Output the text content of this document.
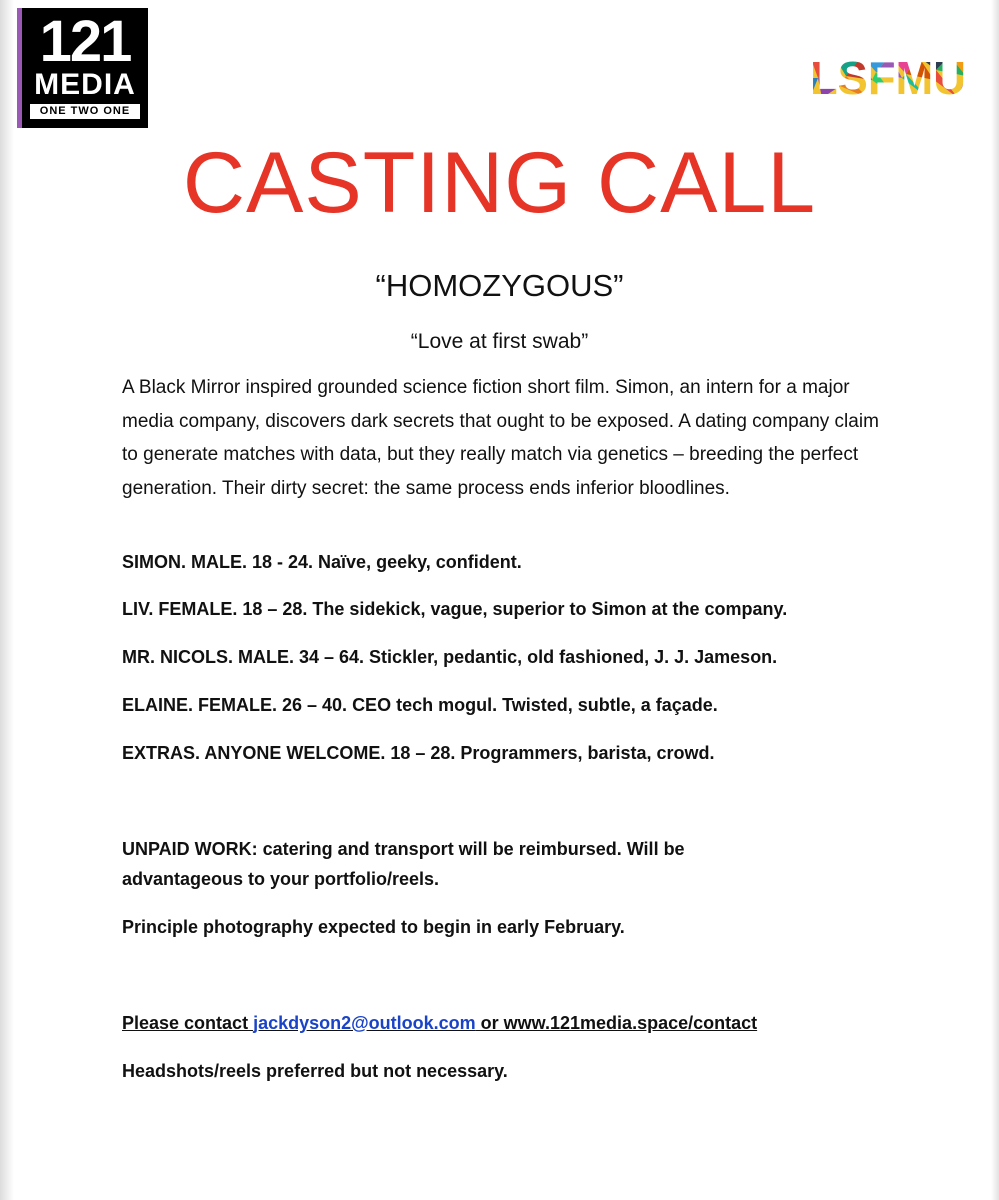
121
MEDIA
ONE TWO ONE
CASTING CALL
“HOMOZYGOUS”
“Love at first swab”

A Black Mirror inspired grounded science fiction short film. Simon, an intern for a major media company, discovers dark secrets that ought to be exposed. A dating company claim to generate matches with data, but they really match via genetics – breeding the perfect generation. Their dirty secret: the same process ends inferior bloodlines.

SIMON. MALE. 18 - 24. Naïve, geeky, confident.

LIV. FEMALE. 18 – 28. The sidekick, vague, superior to Simon at the company.

MR. NICOLS. MALE. 34 – 64. Stickler, pedantic, old fashioned, J. J. Jameson.

ELAINE. FEMALE. 26 – 40. CEO tech mogul. Twisted, subtle, a façade.

EXTRAS. ANYONE WELCOME. 18 – 28. Programmers, barista, crowd.

UNPAID WORK: catering and transport will be reimbursed. Will be advantageous to your portfolio/reels.

Principle photography expected to begin in early February.

Please contact jackdyson2@outlook.com or www.121media.space/contact

Headshots/reels preferred but not necessary.
